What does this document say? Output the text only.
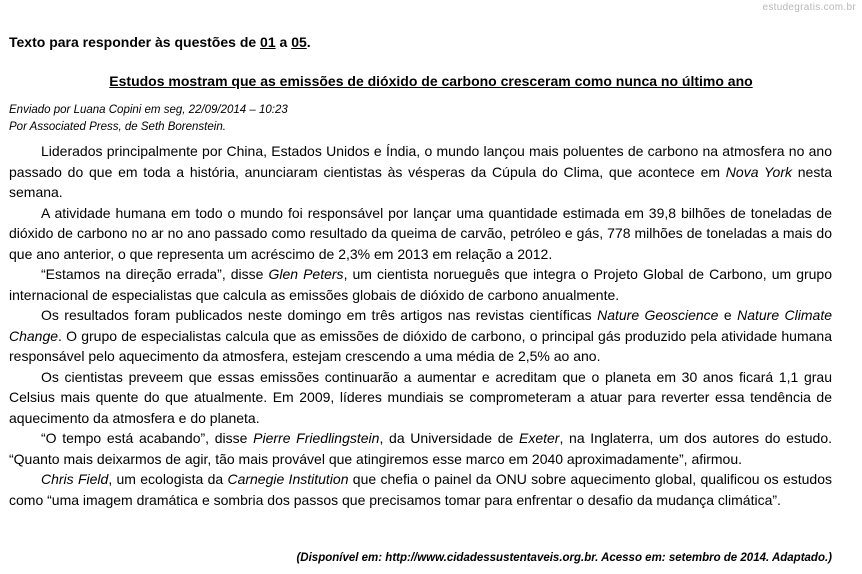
estudegratis.com.br
Texto para responder às questões de 01 a 05.
Estudos mostram que as emissões de dióxido de carbono cresceram como nunca no último ano
Enviado por Luana Copini em seg, 22/09/2014 – 10:23
Por Associated Press, de Seth Borenstein.

Liderados principalmente por China, Estados Unidos e Índia, o mundo lançou mais poluentes de carbono na atmosfera no ano passado do que em toda a história, anunciaram cientistas às vésperas da Cúpula do Clima, que acontece em Nova York nesta semana.

A atividade humana em todo o mundo foi responsável por lançar uma quantidade estimada em 39,8 bilhões de toneladas de dióxido de carbono no ar no ano passado como resultado da queima de carvão, petróleo e gás, 778 milhões de toneladas a mais do que ano anterior, o que representa um acréscimo de 2,3% em 2013 em relação a 2012.

“Estamos na direção errada”, disse Glen Peters, um cientista norueguês que integra o Projeto Global de Carbono, um grupo internacional de especialistas que calcula as emissões globais de dióxido de carbono anualmente.

Os resultados foram publicados neste domingo em três artigos nas revistas científicas Nature Geoscience e Nature Climate Change. O grupo de especialistas calcula que as emissões de dióxido de carbono, o principal gás produzido pela atividade humana responsável pelo aquecimento da atmosfera, estejam crescendo a uma média de 2,5% ao ano.

Os cientistas preveem que essas emissões continuarão a aumentar e acreditam que o planeta em 30 anos ficará 1,1 grau Celsius mais quente do que atualmente. Em 2009, líderes mundiais se comprometeram a atuar para reverter essa tendência de aquecimento da atmosfera e do planeta.

“O tempo está acabando”, disse Pierre Friedlingstein, da Universidade de Exeter, na Inglaterra, um dos autores do estudo. “Quanto mais deixarmos de agir, tão mais provável que atingiremos esse marco em 2040 aproximadamente”, afirmou.

Chris Field, um ecologista da Carnegie Institution que chefia o painel da ONU sobre aquecimento global, qualificou os estudos como “uma imagem dramática e sombria dos passos que precisamos tomar para enfrentar o desafio da mudança climática”.

(Disponível em: http://www.cidadessustentaveis.org.br. Acesso em: setembro de 2014. Adaptado.)
